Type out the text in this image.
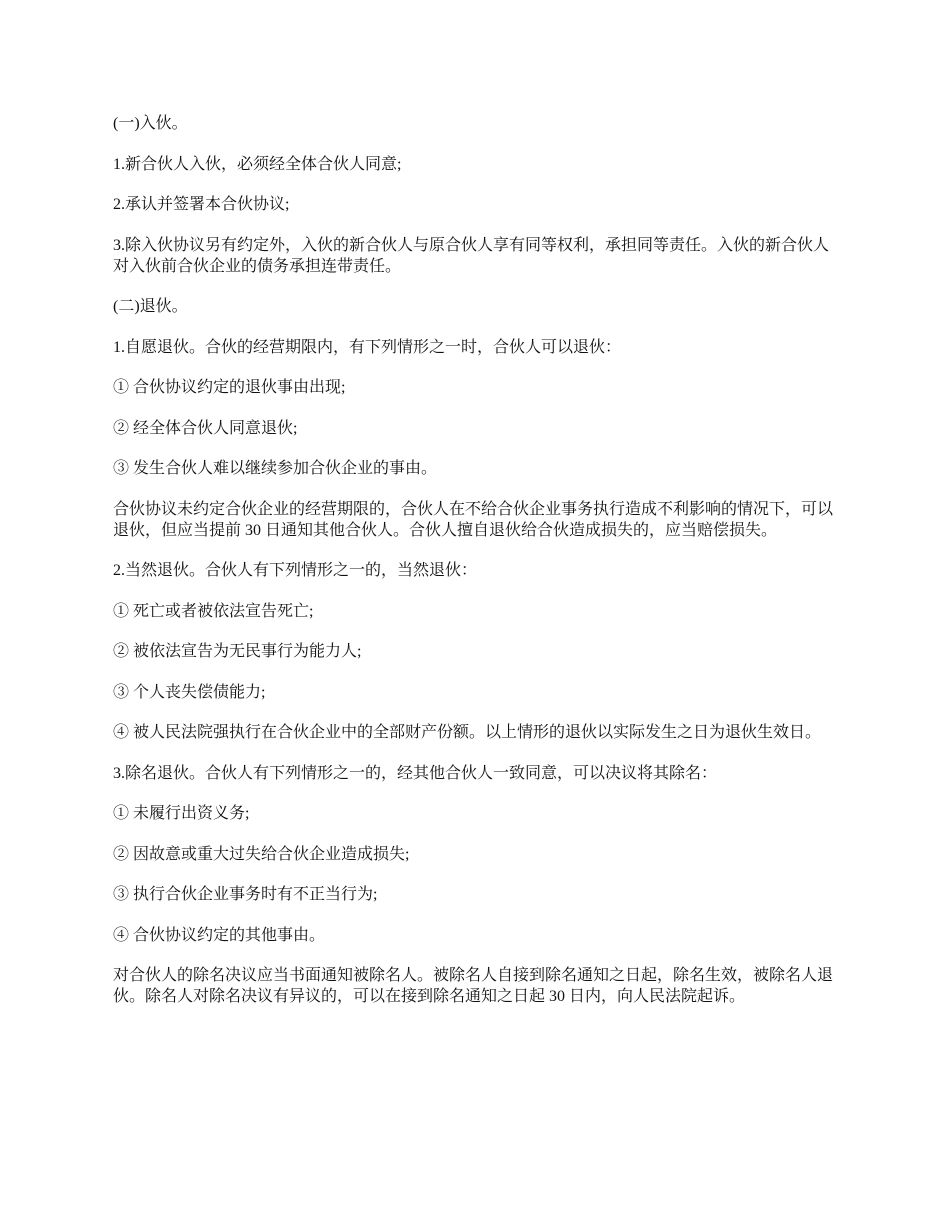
(一)入伙。

1.新合伙人入伙，必须经全体合伙人同意;

2.承认并签署本合伙协议;

3.除入伙协议另有约定外，入伙的新合伙人与原合伙人享有同等权利，承担同等责任。入伙的新合伙人对入伙前合伙企业的债务承担连带责任。

(二)退伙。

1.自愿退伙。合伙的经营期限内，有下列情形之一时，合伙人可以退伙：

① 合伙协议约定的退伙事由出现;

② 经全体合伙人同意退伙;

③ 发生合伙人难以继续参加合伙企业的事由。

合伙协议未约定合伙企业的经营期限的，合伙人在不给合伙企业事务执行造成不利影响的情况下，可以退伙，但应当提前 30 日通知其他合伙人。合伙人擅自退伙给合伙造成损失的，应当赔偿损失。

2.当然退伙。合伙人有下列情形之一的，当然退伙：

① 死亡或者被依法宣告死亡;

② 被依法宣告为无民事行为能力人;

③ 个人丧失偿债能力;

④ 被人民法院强执行在合伙企业中的全部财产份额。以上情形的退伙以实际发生之日为退伙生效日。

3.除名退伙。合伙人有下列情形之一的，经其他合伙人一致同意，可以决议将其除名：

① 未履行出资义务;

② 因故意或重大过失给合伙企业造成损失;

③ 执行合伙企业事务时有不正当行为;

④ 合伙协议约定的其他事由。

对合伙人的除名决议应当书面通知被除名人。被除名人自接到除名通知之日起，除名生效，被除名人退伙。除名人对除名决议有异议的，可以在接到除名通知之日起 30 日内，向人民法院起诉。
